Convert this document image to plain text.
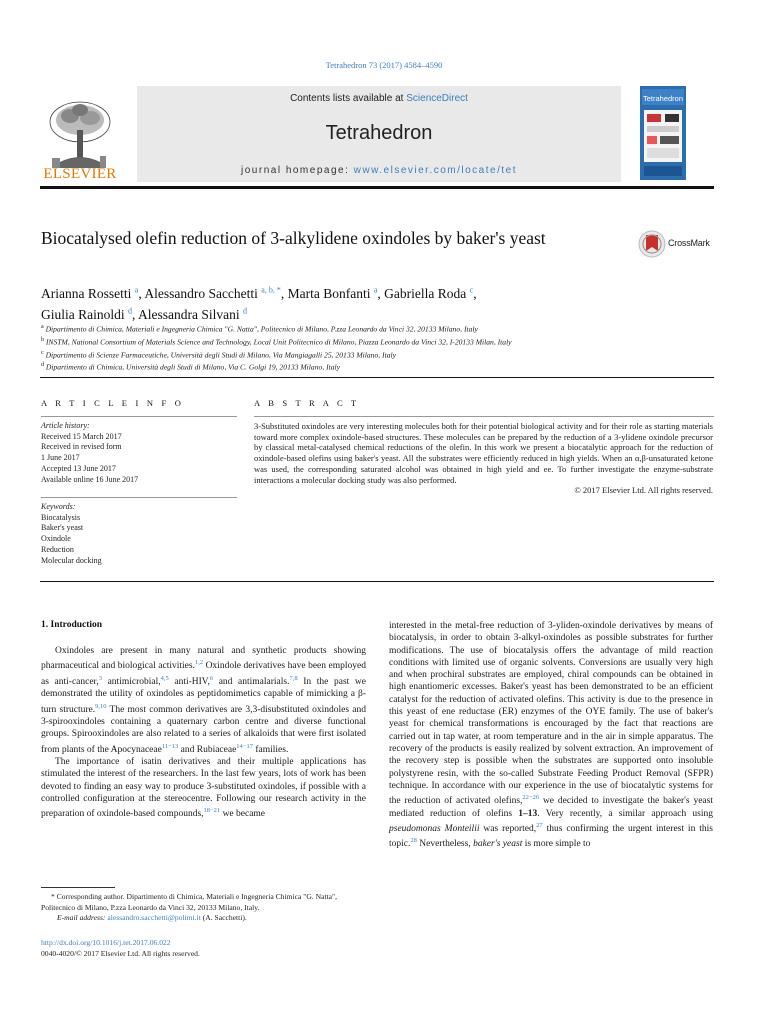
Tetrahedron 73 (2017) 4584–4590
ELSEVIER
Contents lists available at ScienceDirect
Tetrahedron
journal homepage: www.elsevier.com/locate/tet
Tetrahedron
Biocatalysed olefin reduction of 3-alkylidene oxindoles by baker's yeast	CrossMark
Arianna Rossetti $^a$, Alessandro Sacchetti $^{a, b, *}$, Marta Bonfanti $^a$, Gabriella Roda $^c$,
Giulia Rainoldi $^d$, Alessandra Silvani $^d$
$^a$ Dipartimento di Chimica, Materiali e Ingegneria Chimica "G. Natta", Politecnico di Milano, P.zza Leonardo da Vinci 32, 20133 Milano, Italy
$^b$ INSTM, National Consortium of Materials Science and Technology, Local Unit Politecnico di Milano, Piazza Leonardo da Vinci 32, I-20133 Milan, Italy
$^c$ Dipartimento di Scienze Farmaceutiche, Università degli Studi di Milano, Via Mangiagalli 25, 20133 Milano, Italy
$^d$ Dipartimento di Chimica, Università degli Studi di Milano, Via C. Golgi 19, 20133 Milano, Italy
A R T I C L E I N F O	A B S T R A C T
Article history:
Received 15 March 2017
Received in revised form
1 June 2017
Accepted 13 June 2017
Available online 16 June 2017
Keywords:
Biocatalysis
Baker's yeast
Oxindole
Reduction
Molecular docking
3-Substituted oxindoles are very interesting molecules both for their potential biological activity and for their role as starting materials toward more complex oxindole-based structures. These molecules can be prepared by the reduction of a 3-ylidene oxindole precursor by classical metal-catalysed chemical reductions of the olefin. In this work we present a biocatalytic approach for the reduction of oxindole-based olefins using baker's yeast. All the substrates were efficiently reduced in high yields. When an α,β-unsaturated ketone was used, the corresponding saturated alcohol was obtained in high yield and ee. To further investigate the enzyme-substrate interactions a molecular docking study was also performed.
© 2017 Elsevier Ltd. All rights reserved.
1. Introduction

Oxindoles are present in many natural and synthetic products showing pharmaceutical and biological activities.$^{1,2}$ Oxindole derivatives have been employed as anti-cancer,$^3$ antimicrobial,$^{4,5}$ anti-HIV,$^6$ and antimalarials.$^{7,8}$ In the past we demonstrated the utility of oxindoles as peptidomimetics capable of mimicking a β-turn structure.$^{9,10}$ The most common derivatives are 3,3-disubstituted oxindoles and 3-spirooxindoles containing a quaternary carbon centre and diverse functional groups. Spirooxindoles are also related to a series of alkaloids that were first isolated from plants of the Apocynaceae$^{11-13}$ and Rubiaceae$^{14-17}$ families.

The importance of isatin derivatives and their multiple applications has stimulated the interest of the researchers. In the last few years, lots of work has been devoted to finding an easy way to produce 3-substituted oxindoles, if possible with a controlled configuration at the stereocentre. Following our research activity in the preparation of oxindole-based compounds,$^{18-21}$ we became

interested in the metal-free reduction of 3-yliden-oxindole derivatives by means of biocatalysis, in order to obtain 3-alkyl-oxindoles as possible substrates for further modifications. The use of biocatalysis offers the advantage of mild reaction conditions with limited use of organic solvents. Conversions are usually very high and when prochiral substrates are employed, chiral compounds can be obtained in high enantiomeric excesses. Baker's yeast has been demonstrated to be an efficient catalyst for the reduction of activated olefins. This activity is due to the presence in this yeast of ene reductase (ER) enzymes of the OYE family. The use of baker's yeast for chemical transformations is encouraged by the fact that reactions are carried out in tap water, at room temperature and in the air in simple apparatus. The recovery of the products is easily realized by solvent extraction. An improvement of the recovery step is possible when the substrates are supported onto insoluble polystyrene resin, with the so-called Substrate Feeding Product Removal (SFPR) technique. In accordance with our experience in the use of biocatalytic systems for the reduction of activated olefins,$^{22-26}$ we decided to investigate the baker's yeast mediated reduction of olefins 1–13. Very recently, a similar approach using pseudomonas Monteilii was reported,$^{27}$ thus confirming the urgent interest in this topic.$^{28}$ Nevertheless, baker's yeast is more simple to

* Corresponding author. Dipartimento di Chimica, Materiali e Ingegneria Chimica "G. Natta", Politecnico di Milano, P.zza Leonardo da Vinci 32, 20133 Milano, Italy.
E-mail address: alessandro.sacchetti@polimi.it (A. Sacchetti).
http://dx.doi.org/10.1016/j.tet.2017.06.022
0040-4020/© 2017 Elsevier Ltd. All rights reserved.
